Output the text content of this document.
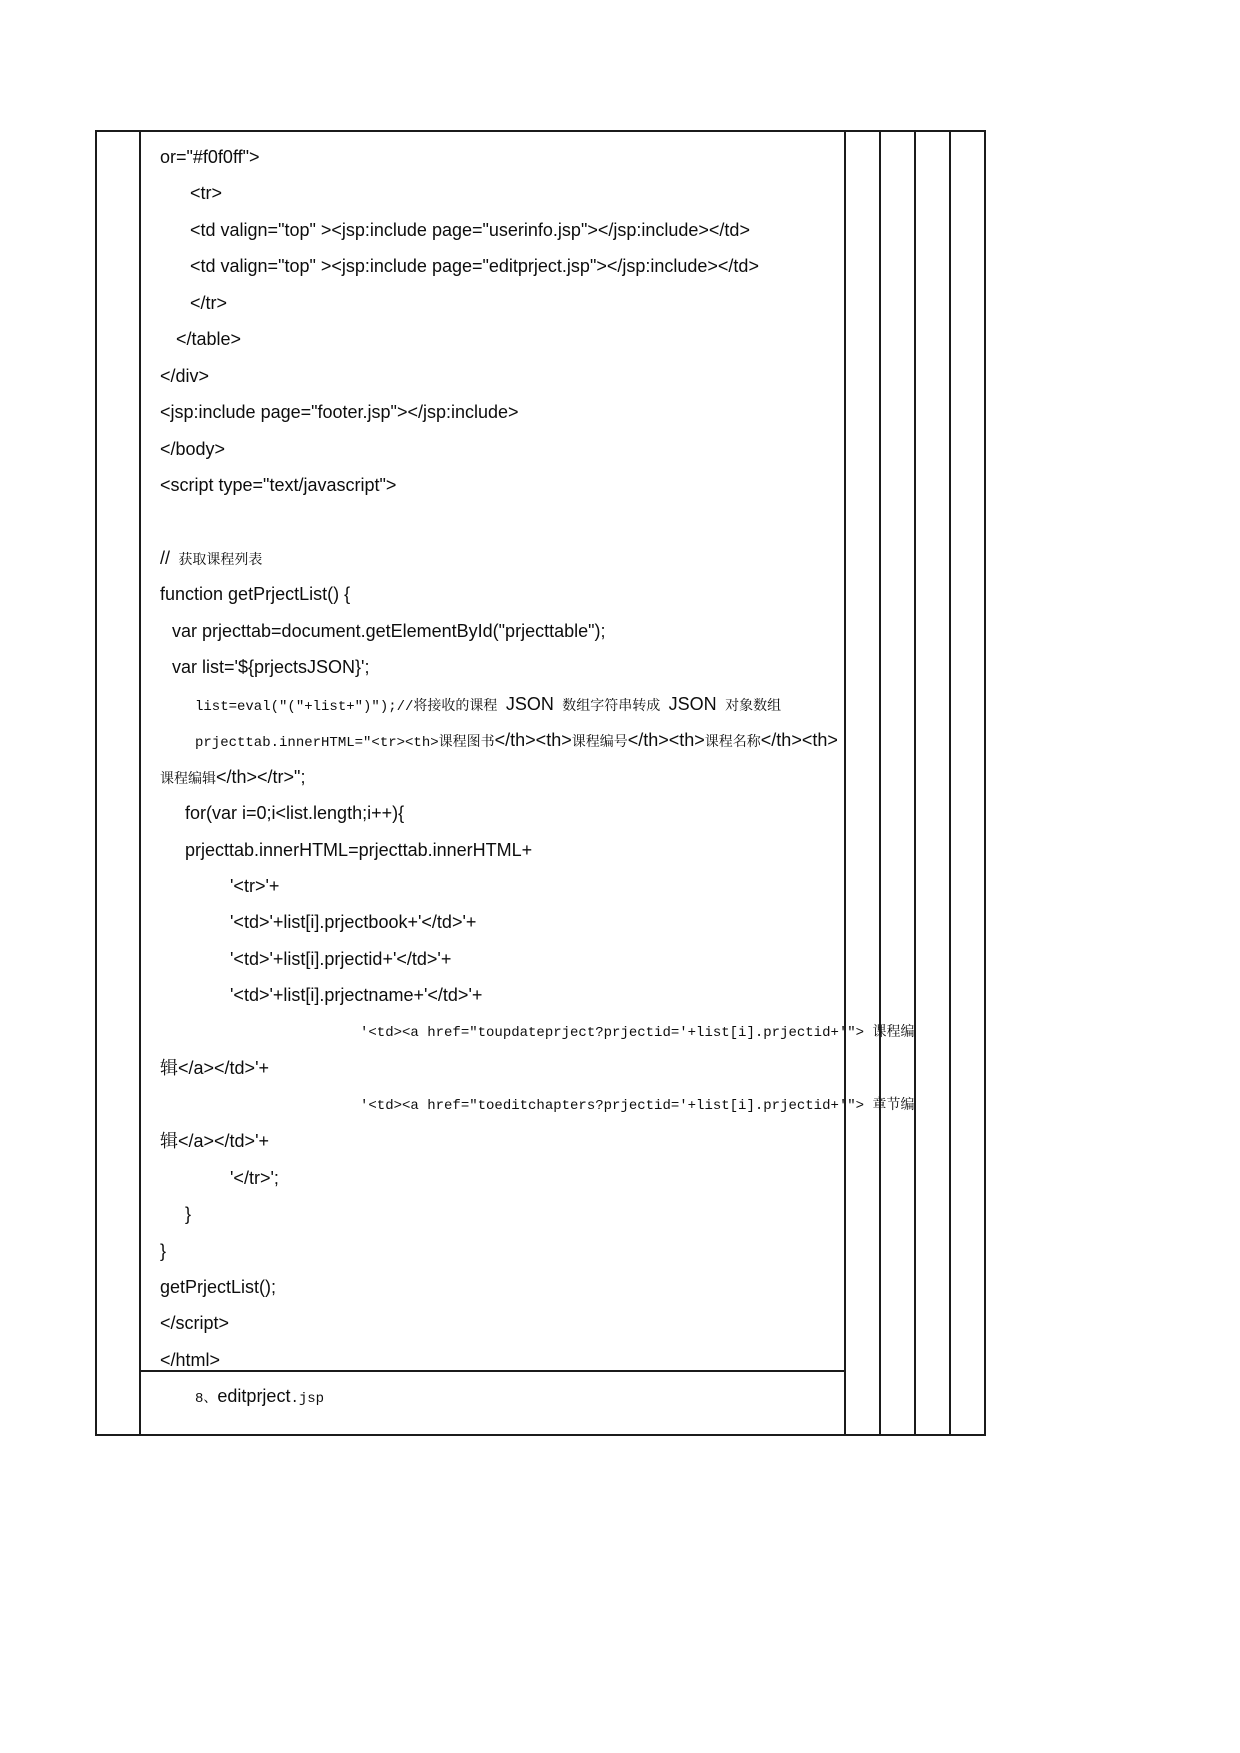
or="#f0f0ff">
<tr>
<td valign="top" ><jsp:include page="userinfo.jsp"></jsp:include></td>
<td valign="top" ><jsp:include page="editprject.jsp"></jsp:include></td>
</tr>
</table>
</div>
<jsp:include page="footer.jsp"></jsp:include>
</body>
<script type="text/javascript">
// 获取课程列表
function getPrjectList() {
var prjecttab=document.getElementById("prjecttable");
var list='${prjectsJSON}';
list=eval("("+list+")");//将接收的课程 JSON 数组字符串转成 JSON 对象数组
prjecttab.innerHTML="<tr><th>课程图书</th><th>课程编号</th><th>课程名称</th><th>
课程编辑</th></tr>";
for(var i=0;i<list.length;i++){
prjecttab.innerHTML=prjecttab.innerHTML+
'<tr>'+
'<td>'+list[i].prjectbook+'</td>'+
'<td>'+list[i].prjectid+'</td>'+
'<td>'+list[i].prjectname+'</td>'+
'<td><a href="toupdateprject?prjectid='+list[i].prjectid+'"> 课程编
辑</a></td>'+
'<td><a href="toeditchapters?prjectid='+list[i].prjectid+'"> 章节编
辑</a></td>'+
'</tr>';
}
}
getPrjectList();
</script>
</html>
8、editprject.jsp
